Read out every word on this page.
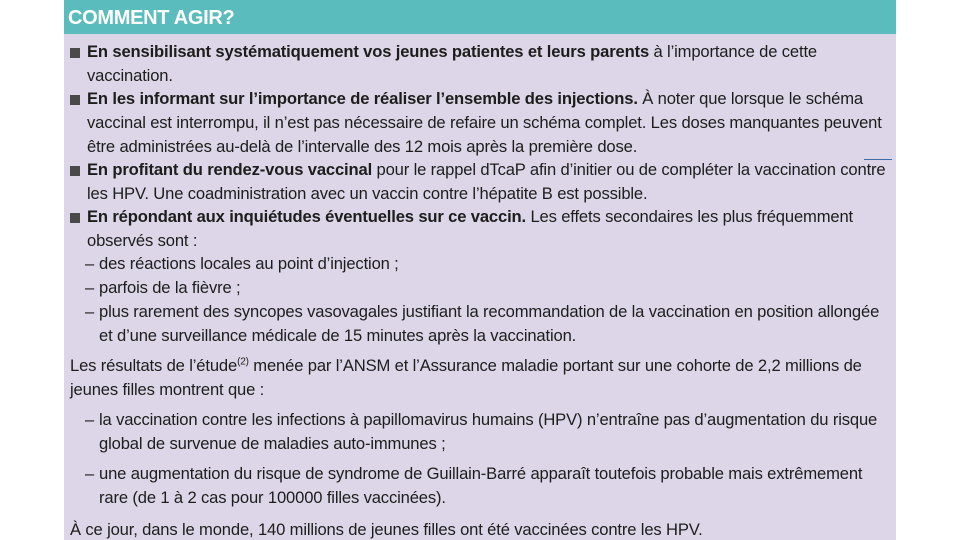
COMMENT AGIR?

En sensibilisant systématiquement vos jeunes patientes et leurs parents à l’importance de cette vaccination.

En les informant sur l’importance de réaliser l’ensemble des injections. À noter que lorsque le schéma vaccinal est interrompu, il n’est pas nécessaire de refaire un schéma complet. Les doses manquantes peuvent être administrées au-delà de l’intervalle des 12 mois après la première dose.

En profitant du rendez-vous vaccinal pour le rappel dTcaP afin d’initier ou de compléter la vaccination contre les HPV. Une coadministration avec un vaccin contre l’hépatite B est possible.

En répondant aux inquiétudes éventuelles sur ce vaccin. Les effets secondaires les plus fréquemment observés sont :

– des réactions locales au point d’injection ;
– parfois de la fièvre ;
– plus rarement des syncopes vasovagales justifiant la recommandation de la vaccination en position allongée et d’une surveillance médicale de 15 minutes après la vaccination.

Les résultats de l’étude$^{(2)}$ menée par l’ANSM et l’Assurance maladie portant sur une cohorte de 2,2 millions de jeunes filles montrent que :

– la vaccination contre les infections à papillomavirus humains (HPV) n’entraîne pas d’augmentation du risque global de survenue de maladies auto-immunes ;
– une augmentation du risque de syndrome de Guillain-Barré apparaît toutefois probable mais extrêmement rare (de 1 à 2 cas pour 100000 filles vaccinées).

À ce jour, dans le monde, 140 millions de jeunes filles ont été vaccinées contre les HPV.
